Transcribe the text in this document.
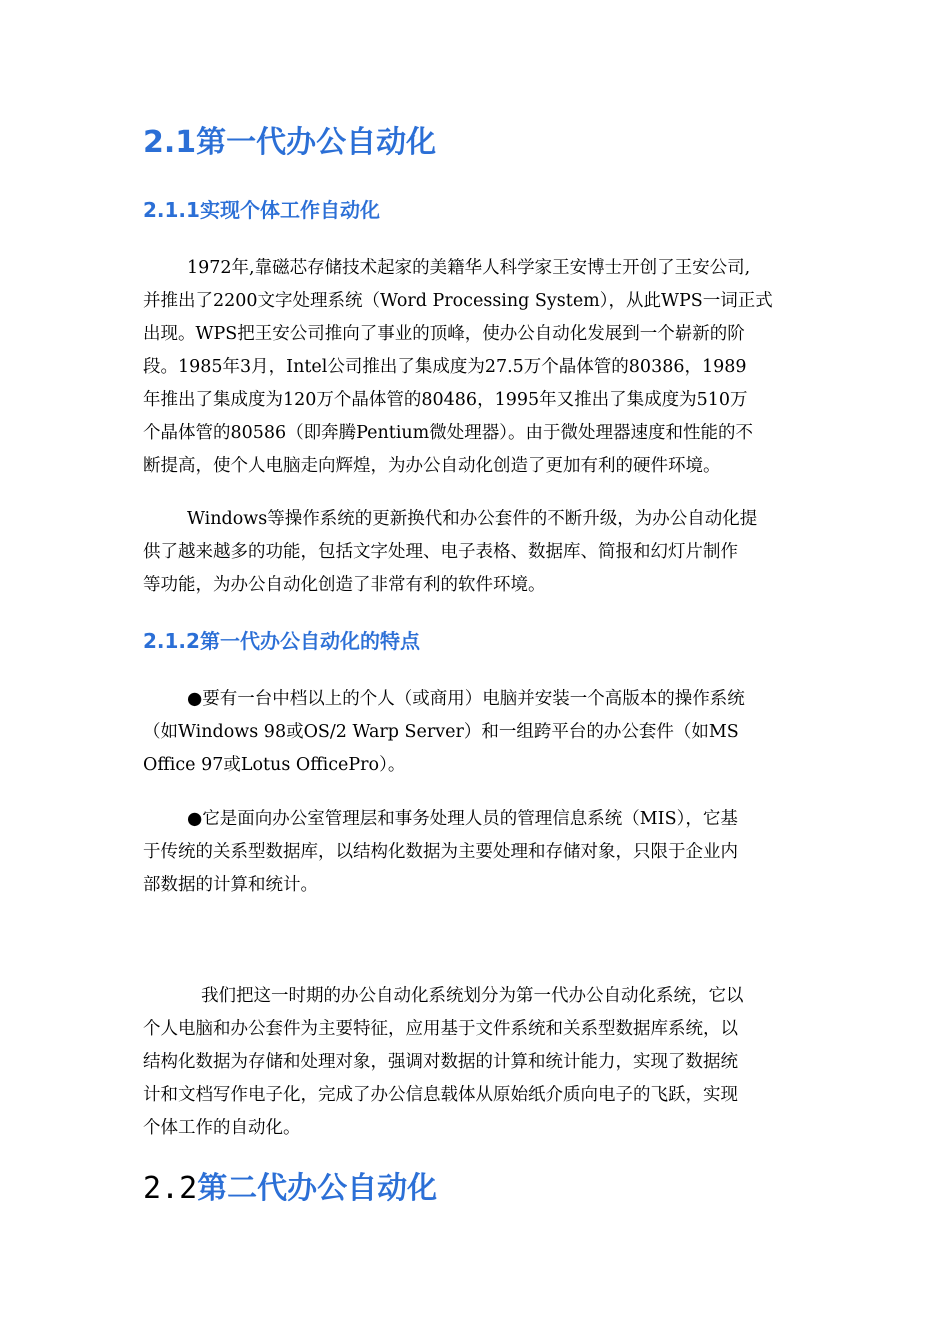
2.1第一代办公自动化
2.1.1实现个体工作自动化
1972年,靠磁芯存储技术起家的美籍华人科学家王安博士开创了王安公司,
并推出了2200文字处理系统（Word Processing System），从此WPS一词正式
出现。WPS把王安公司推向了事业的顶峰，使办公自动化发展到一个崭新的阶
段。1985年3月，Intel公司推出了集成度为27.5万个晶体管的80386，1989
年推出了集成度为120万个晶体管的80486，1995年又推出了集成度为510万
个晶体管的80586（即奔腾Pentium微处理器）。由于微处理器速度和性能的不
断提高，使个人电脑走向辉煌，为办公自动化创造了更加有利的硬件环境。
Windows等操作系统的更新换代和办公套件的不断升级，为办公自动化提
供了越来越多的功能，包括文字处理、电子表格、数据库、简报和幻灯片制作
等功能，为办公自动化创造了非常有利的软件环境。
2.1.2第一代办公自动化的特点
●要有一台中档以上的个人（或商用）电脑并安装一个高版本的操作系统
（如Windows 98或OS/2 Warp Server）和一组跨平台的办公套件（如MS
Office 97或Lotus OfficePro）。
●它是面向办公室管理层和事务处理人员的管理信息系统（MIS），它基
于传统的关系型数据库，以结构化数据为主要处理和存储对象，只限于企业内
部数据的计算和统计。
我们把这一时期的办公自动化系统划分为第一代办公自动化系统，它以
个人电脑和办公套件为主要特征，应用基于文件系统和关系型数据库系统，以
结构化数据为存储和处理对象，强调对数据的计算和统计能力，实现了数据统
计和文档写作电子化，完成了办公信息载体从原始纸介质向电子的飞跃，实现
个体工作的自动化。
2.2第二代办公自动化
